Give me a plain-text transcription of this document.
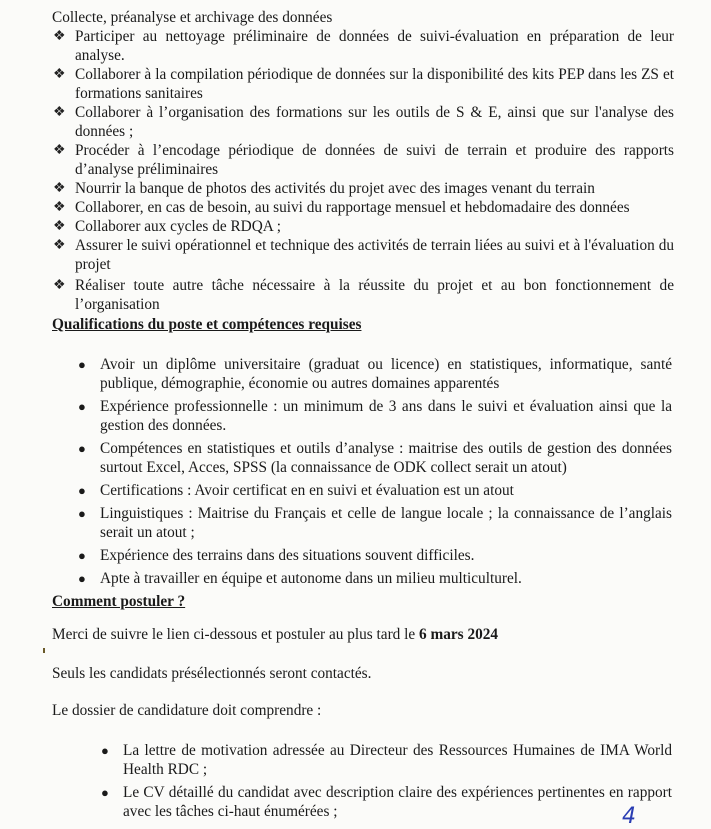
Collecte, préanalyse et archivage des données
❖ Participer au nettoyage préliminaire de données de suivi-évaluation en préparation de leur analyse.
❖ Collaborer à la compilation périodique de données sur la disponibilité des kits PEP dans les ZS et formations sanitaires
❖ Collaborer à l’organisation des formations sur les outils de S & E, ainsi que sur l'analyse des données ;
❖ Procéder à l’encodage périodique de données de suivi de terrain et produire des rapports d’analyse préliminaires
❖ Nourrir la banque de photos des activités du projet avec des images venant du terrain
❖ Collaborer, en cas de besoin, au suivi du rapportage mensuel et hebdomadaire des données
❖ Collaborer aux cycles de RDQA ;
❖ Assurer le suivi opérationnel et technique des activités de terrain liées au suivi et à l'évaluation du projet
❖ Réaliser toute autre tâche nécessaire à la réussite du projet et au bon fonctionnement de l’organisation
Qualifications du poste et compétences requises
● Avoir un diplôme universitaire (graduat ou licence) en statistiques, informatique, santé publique, démographie, économie ou autres domaines apparentés
● Expérience professionnelle : un minimum de 3 ans dans le suivi et évaluation ainsi que la gestion des données.
● Compétences en statistiques et outils d’analyse : maitrise des outils de gestion des données surtout Excel, Acces, SPSS (la connaissance de ODK collect serait un atout)
● Certifications : Avoir certificat en en suivi et évaluation est un atout
● Linguistiques : Maitrise du Français et celle de langue locale ; la connaissance de l’anglais serait un atout ;
● Expérience des terrains dans des situations souvent difficiles.
● Apte à travailler en équipe et autonome dans un milieu multiculturel.
Comment postuler ?
Merci de suivre le lien ci-dessous et postuler au plus tard le 6 mars 2024
Seuls les candidats présélectionnés seront contactés.
Le dossier de candidature doit comprendre :
● La lettre de motivation adressée au Directeur des Ressources Humaines de IMA World Health RDC ;
● Le CV détaillé du candidat avec description claire des expériences pertinentes en rapport avec les tâches ci-haut énumérées ;	4
